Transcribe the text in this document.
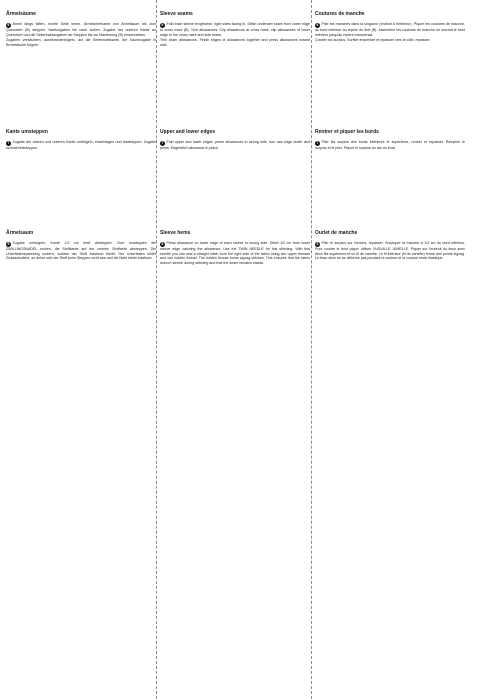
Ärmelsäume

6 Ärmel längs falten, rechte Seite innen. Ärmelunterkante von Ärmelsaum bis zum Querstrich (B) steppen. Nahtzugaben bis nach außen. Zugabe der unteren Kante an Querstrich und die Seitennahtzugaben ab Steppen bis zur Markierung (B) einschneiden.

Zugaben versäubern, auseinanderbügeln, auf die Seitennahtkante, die Saumzugabe in Ärmelsäume bügeln.

Kante umsteppen

7 Zugabe der oberen und unteren Kante umbügeln, einschlagen und feststeppen. Zugabe schmal feststeppen.

Ärmelsaum

8 Zugabe umbügeln, Kante 1/2 cm breit absteppen. Zum umsteppen die ZWILLINGSNADEL nutzen, die Stoffkante auf der rechten Stoffseite absteppen. Die Unterfadenspannung lockern, sodass der Stoff elastisch bleibt. Der Unterfaden bildet Zickzackstiche, so dehnt sich der Stoff beim Steppen nicht aus und die Naht bleibt elastisch.

Sleeve seams

6 Fold each sleeve lengthwise, right sides facing in. Stitch underarm seam from lower edge to cross mark (B). Trim allowances. Clip allowances at cross mark, clip allowances of lower edge to the cross mark and side seam.

Trim lower allowances. Finish edges of allowances together and press allowances toward side.

Upper and lower edges

7 Fold upper and lower edges, press allowances to wrong side, turn raw edge under and press. Edgestitch allowance in place.

Sleeve hems

8 Press allowance on lower edge of each sleeve to wrong side. Stitch 1/2 cm from lower sleeve edge catching the allowance. Use the TWIN NEEDLE for this stitching. With this needle you can sew a straight stitch from the right side of the fabric using two upper threads and one bobbin thread. The bobbin thread forms zigzag stitches. This ensures that the fabric doesn't stretch during stitching and that the seam remains elastic.

Coutures de manche

6 Plier les manches dans la longueur (endroit à l'intérieur). Piquer les coutures de manche, du bord inférieur au repère du tiret (B). Assembler les coutures de manche en suivant le bord inférieur jusqu'au repère transversal.

Cranter les surplus. Surfiler ensemble et repasser vers le côté, repasser.

Rentrer et piquer les bords

7 Plier les surplus des bords inférieurs et supérieurs, rentrer et repasser. Remplier le surplus et le plier. Piquer le surplus au ras du bord.

Ourlet de manche

8 Plier le surplus sur l'envers, repasser. Surpiquer la manche à 1/2 cm du bord inférieur. Pour coudre le bord piqué, utiliser l'AIGUILLE JUMELLE. Piquer sur l'endroit du tissu avec deux fils supérieurs et un fil de canette. Le fil inférieur (fil de canette) forme des points zigzag. Le tissu ainsi ne se déforme pas pendant la couture et la couture reste élastique.
